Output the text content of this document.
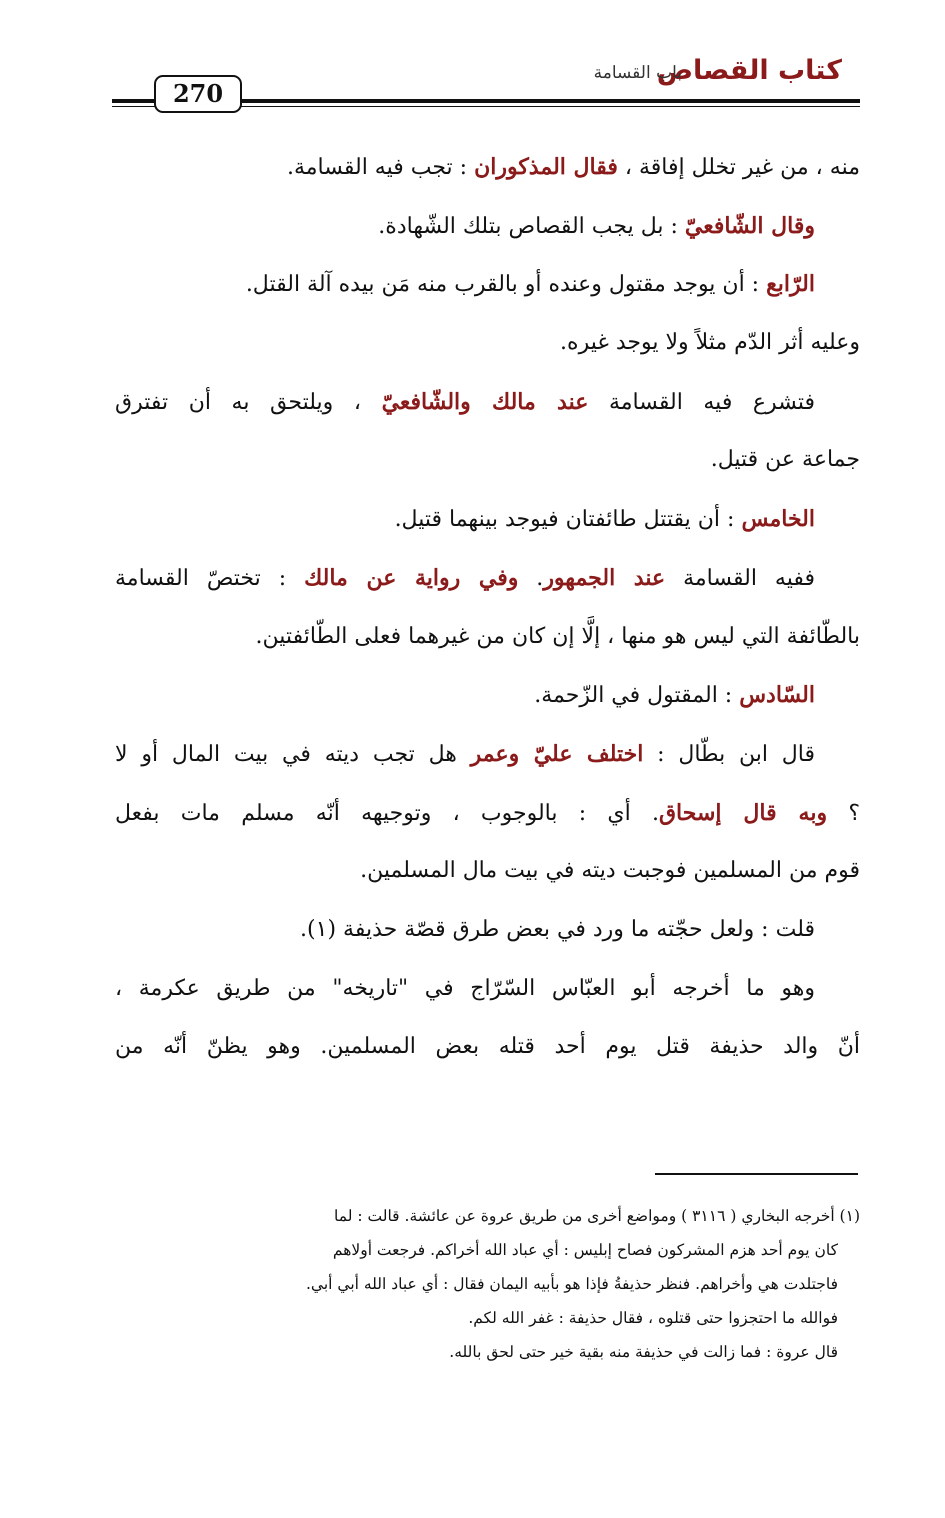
كتاب القصاص
باب القسامة
270
منه ، من غير تخلل إفاقة ، فقال المذكوران : تجب فيه القسامة.
وقال الشّافعيّ : بل يجب القصاص بتلك الشّهادة.
الرّابع : أن يوجد مقتول وعنده أو بالقرب منه مَن بيده آلة القتل.
وعليه أثر الدّم مثلاً ولا يوجد غيره.
فتشرع فيه القسامة عند مالك والشّافعيّ ، ويلتحق به أن تفترق
جماعة عن قتيل.
الخامس : أن يقتتل طائفتان فيوجد بينهما قتيل.
ففيه القسامة عند الجمهور. وفي رواية عن مالك : تختصّ القسامة
بالطّائفة التي ليس هو منها ، إلَّا إن كان من غيرهما فعلى الطّائفتين.
السّادس : المقتول في الزّحمة.
قال ابن بطّال : اختلف عليّ وعمر هل تجب ديته في بيت المال أو لا
؟ وبه قال إسحاق. أي : بالوجوب ، وتوجيهه أنّه مسلم مات بفعل
قوم من المسلمين فوجبت ديته في بيت مال المسلمين.
قلت : ولعل حجّته ما ورد في بعض طرق قصّة حذيفة (١).
وهو ما أخرجه أبو العبّاس السّرّاج في "تاريخه" من طريق عكرمة ،
أنّ والد حذيفة قتل يوم أحد قتله بعض المسلمين. وهو يظنّ أنّه من
(١) أخرجه البخاري ( ٣١١٦ ) ومواضع أخرى من طريق عروة عن عائشة. قالت : لما
كان يوم أحد هزم المشركون فصاح إبليس : أي عباد الله أخراكم. فرجعت أولاهم
فاجتلدت هي وأخراهم. فنظر حذيفةُ فإذا هو بأبيه اليمان فقال : أي عباد الله أبي أبي.
فوالله ما احتجزوا حتى قتلوه ، فقال حذيفة : غفر الله لكم.
قال عروة : فما زالت في حذيفة منه بقية خير حتى لحق بالله.
